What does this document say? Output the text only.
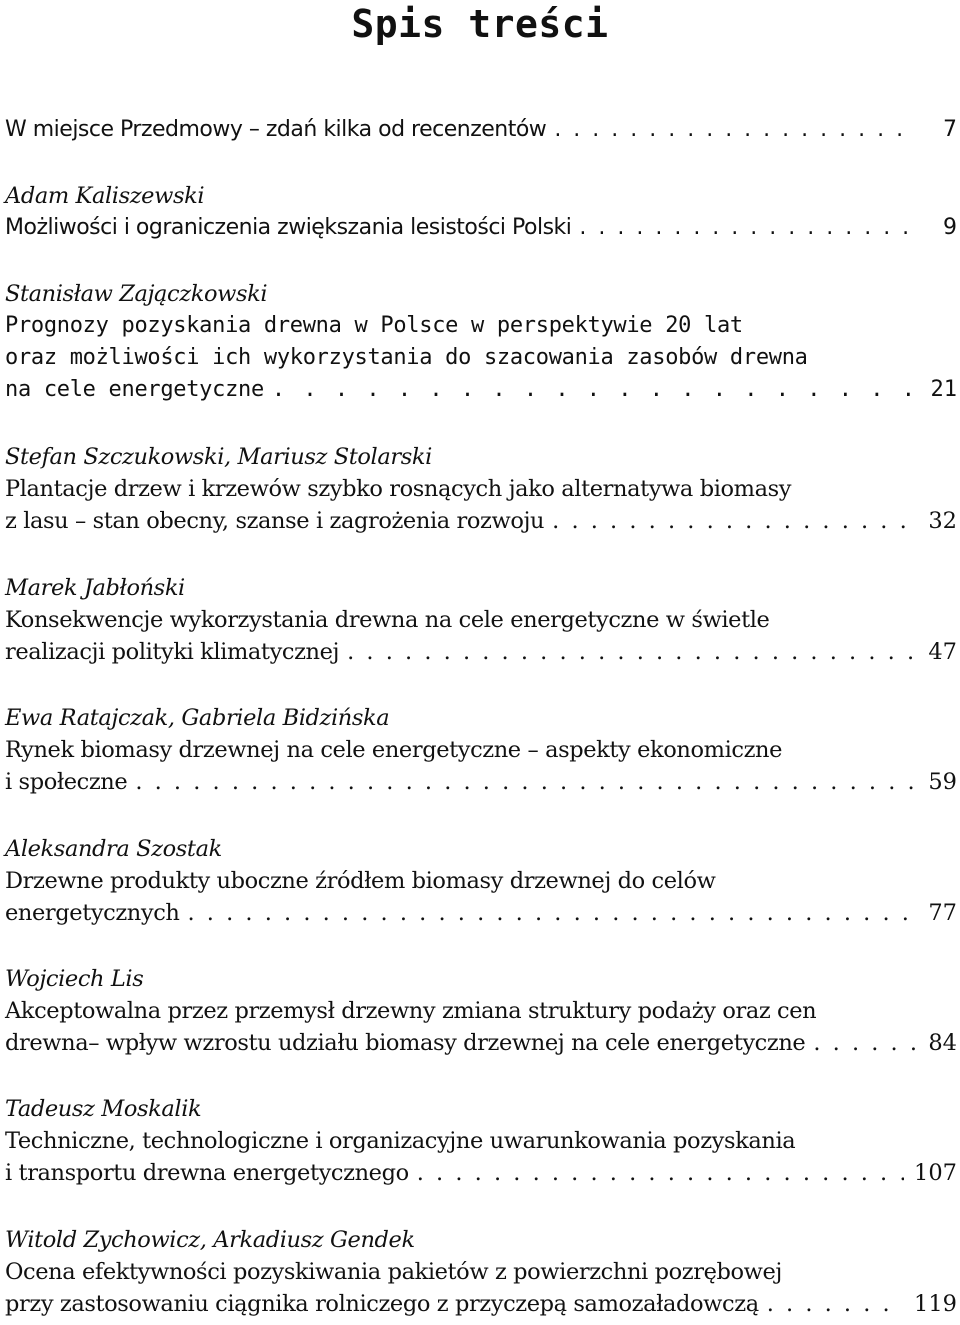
Spis treści
W miejsce Przedmowy – zdań kilka od recenzentów . . .	7
Adam Kaliszewski
Możliwości i ograniczenia zwiększania lesistości Polski . . .	9
Stanisław Zajączkowski
Prognozy pozyskania drewna w Polsce w perspektywie 20 lat
oraz możliwości ich wykorzystania do szacowania zasobów drewna
na cele energetyczne . . .	21
Stefan Szczukowski, Mariusz Stolarski
Plantacje drzew i krzewów szybko rosnących jako alternatywa biomasy
z lasu – stan obecny, szanse i zagrożenia rozwoju . . .	32
Marek Jabłoński
Konsekwencje wykorzystania drewna na cele energetyczne w świetle
realizacji polityki klimatycznej . . .	47
Ewa Ratajczak, Gabriela Bidzińska
Rynek biomasy drzewnej na cele energetyczne – aspekty ekonomiczne
i społeczne . . .	59
Aleksandra Szostak
Drzewne produkty uboczne źródłem biomasy drzewnej do celów
energetycznych . . .	77
Wojciech Lis
Akceptowalna przez przemysł drzewny zmiana struktury podaży oraz cen
drewna– wpływ wzrostu udziału biomasy drzewnej na cele energetyczne . . .	84
Tadeusz Moskalik
Techniczne, technologiczne i organizacyjne uwarunkowania pozyskania
i transportu drewna energetycznego . . .	107
Witold Zychowicz, Arkadiusz Gendek
Ocena efektywności pozyskiwania pakietów z powierzchni pozrębowej
przy zastosowaniu ciągnika rolniczego z przyczepą samozaładowczą . . .	119
